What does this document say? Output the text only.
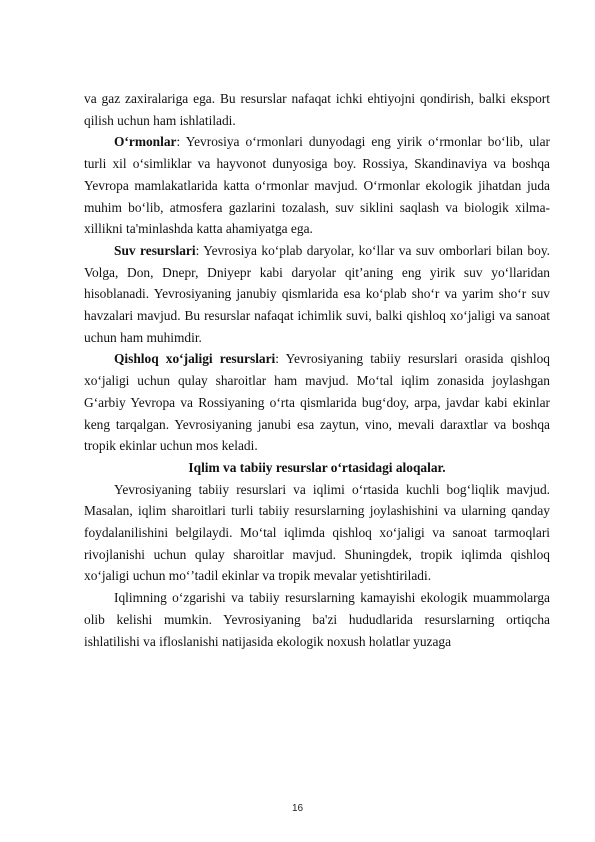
va gaz zaxiralariga ega. Bu resurslar nafaqat ichki ehtiyojni qondirish, balki eksport qilish uchun ham ishlatiladi.

O‘rmonlar: Yevrosiya o‘rmonlari dunyodagi eng yirik o‘rmonlar bo‘lib, ular turli xil o‘simliklar va hayvonot dunyosiga boy. Rossiya, Skandinaviya va boshqa Yevropa mamlakatlarida katta o‘rmonlar mavjud. O‘rmonlar ekologik jihatdan juda muhim bo‘lib, atmosfera gazlarini tozalash, suv siklini saqlash va biologik xilma-xillikni ta'minlashda katta ahamiyatga ega.

Suv resurslari: Yevrosiya ko‘plab daryolar, ko‘llar va suv omborlari bilan boy. Volga, Don, Dnepr, Dniyepr kabi daryolar qit’aning eng yirik suv yo‘llaridan hisoblanadi. Yevrosiyaning janubiy qismlarida esa ko‘plab sho‘r va yarim sho‘r suv havzalari mavjud. Bu resurslar nafaqat ichimlik suvi, balki qishloq xo‘jaligi va sanoat uchun ham muhimdir.

Qishloq xo‘jaligi resurslari: Yevrosiyaning tabiiy resurslari orasida qishloq xo‘jaligi uchun qulay sharoitlar ham mavjud. Mo‘tal iqlim zonasida joylashgan G‘arbiy Yevropa va Rossiyaning o‘rta qismlarida bug‘doy, arpa, javdar kabi ekinlar keng tarqalgan. Yevrosiyaning janubi esa zaytun, vino, mevali daraxtlar va boshqa tropik ekinlar uchun mos keladi.

Iqlim va tabiiy resurslar o‘rtasidagi aloqalar.

Yevrosiyaning tabiiy resurslari va iqlimi o‘rtasida kuchli bog‘liqlik mavjud. Masalan, iqlim sharoitlari turli tabiiy resurslarning joylashishini va ularning qanday foydalanilishini belgilaydi. Mo‘tal iqlimda qishloq xo‘jaligi va sanoat tarmoqlari rivojlanishi uchun qulay sharoitlar mavjud. Shuningdek, tropik iqlimda qishloq xo‘jaligi uchun mo‘’tadil ekinlar va tropik mevalar yetishtiriladi.

Iqlimning o‘zgarishi va tabiiy resurslarning kamayishi ekologik muammolarga olib kelishi mumkin. Yevrosiyaning ba'zi hududlarida resurslarning ortiqcha ishlatilishi va ifloslanishi natijasida ekologik noxush holatlar yuzaga

16
